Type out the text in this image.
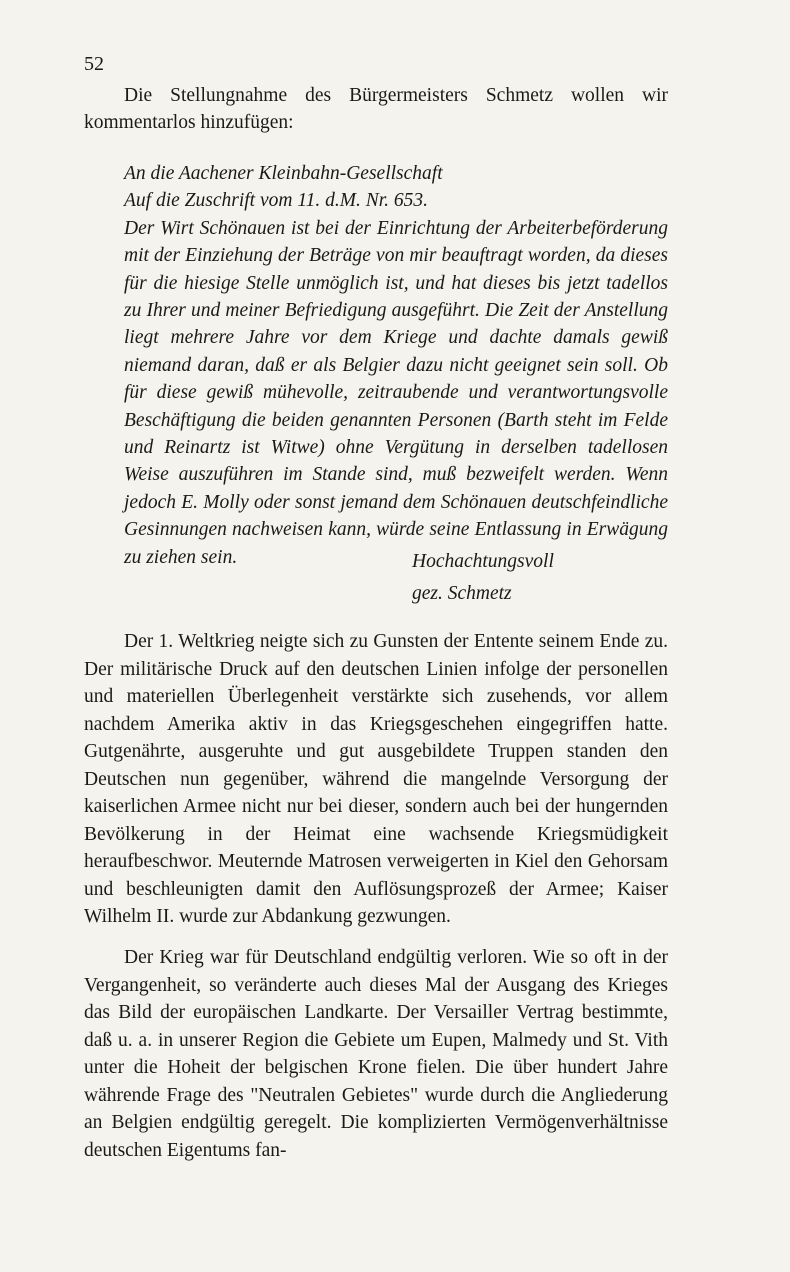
52

Die Stellungnahme des Bürgermeisters Schmetz wollen wir kommentarlos hinzufügen:

An die Aachener Kleinbahn-Gesellschaft
Auf die Zuschrift vom 11. d.M. Nr. 653.
Der Wirt Schönauen ist bei der Einrichtung der Arbeiterbeförderung mit der Einziehung der Beträge von mir beauftragt worden, da dieses für die hiesige Stelle unmöglich ist, und hat dieses bis jetzt tadellos zu Ihrer und meiner Befriedigung ausgeführt. Die Zeit der Anstellung liegt mehrere Jahre vor dem Kriege und dachte damals gewiß niemand daran, daß er als Belgier dazu nicht geeignet sein soll. Ob für diese gewiß mühevolle, zeitraubende und verantwortungsvolle Beschäftigung die beiden genannten Personen (Barth steht im Felde und Reinartz ist Witwe) ohne Vergütung in derselben tadellosen Weise auszuführen im Stande sind, muß bezweifelt werden. Wenn jedoch E. Molly oder sonst jemand dem Schönauen deutschfeindliche Gesinnungen nachweisen kann, würde seine Entlassung in Erwägung zu ziehen sein.	Hochachtungsvoll
gez. Schmetz

Der 1. Weltkrieg neigte sich zu Gunsten der Entente seinem Ende zu. Der militärische Druck auf den deutschen Linien infolge der personellen und materiellen Überlegenheit verstärkte sich zusehends, vor allem nachdem Amerika aktiv in das Kriegsgeschehen eingegriffen hatte. Gutgenährte, ausgeruhte und gut ausgebildete Truppen standen den Deutschen nun gegenüber, während die mangelnde Versorgung der kaiserlichen Armee nicht nur bei dieser, sondern auch bei der hungernden Bevölkerung in der Heimat eine wachsende Kriegsmüdigkeit heraufbeschwor. Meuternde Matrosen verweigerten in Kiel den Gehorsam und beschleunigten damit den Auflösungsprozeß der Armee; Kaiser Wilhelm II. wurde zur Abdankung gezwungen.

Der Krieg war für Deutschland endgültig verloren. Wie so oft in der Vergangenheit, so veränderte auch dieses Mal der Ausgang des Krieges das Bild der europäischen Landkarte. Der Versailler Vertrag bestimmte, daß u. a. in unserer Region die Gebiete um Eupen, Malmedy und St. Vith unter die Hoheit der belgischen Krone fielen. Die über hundert Jahre währende Frage des "Neutralen Gebietes" wurde durch die Angliederung an Belgien endgültig geregelt. Die komplizierten Vermögenverhältnisse deutschen Eigentums fan-
